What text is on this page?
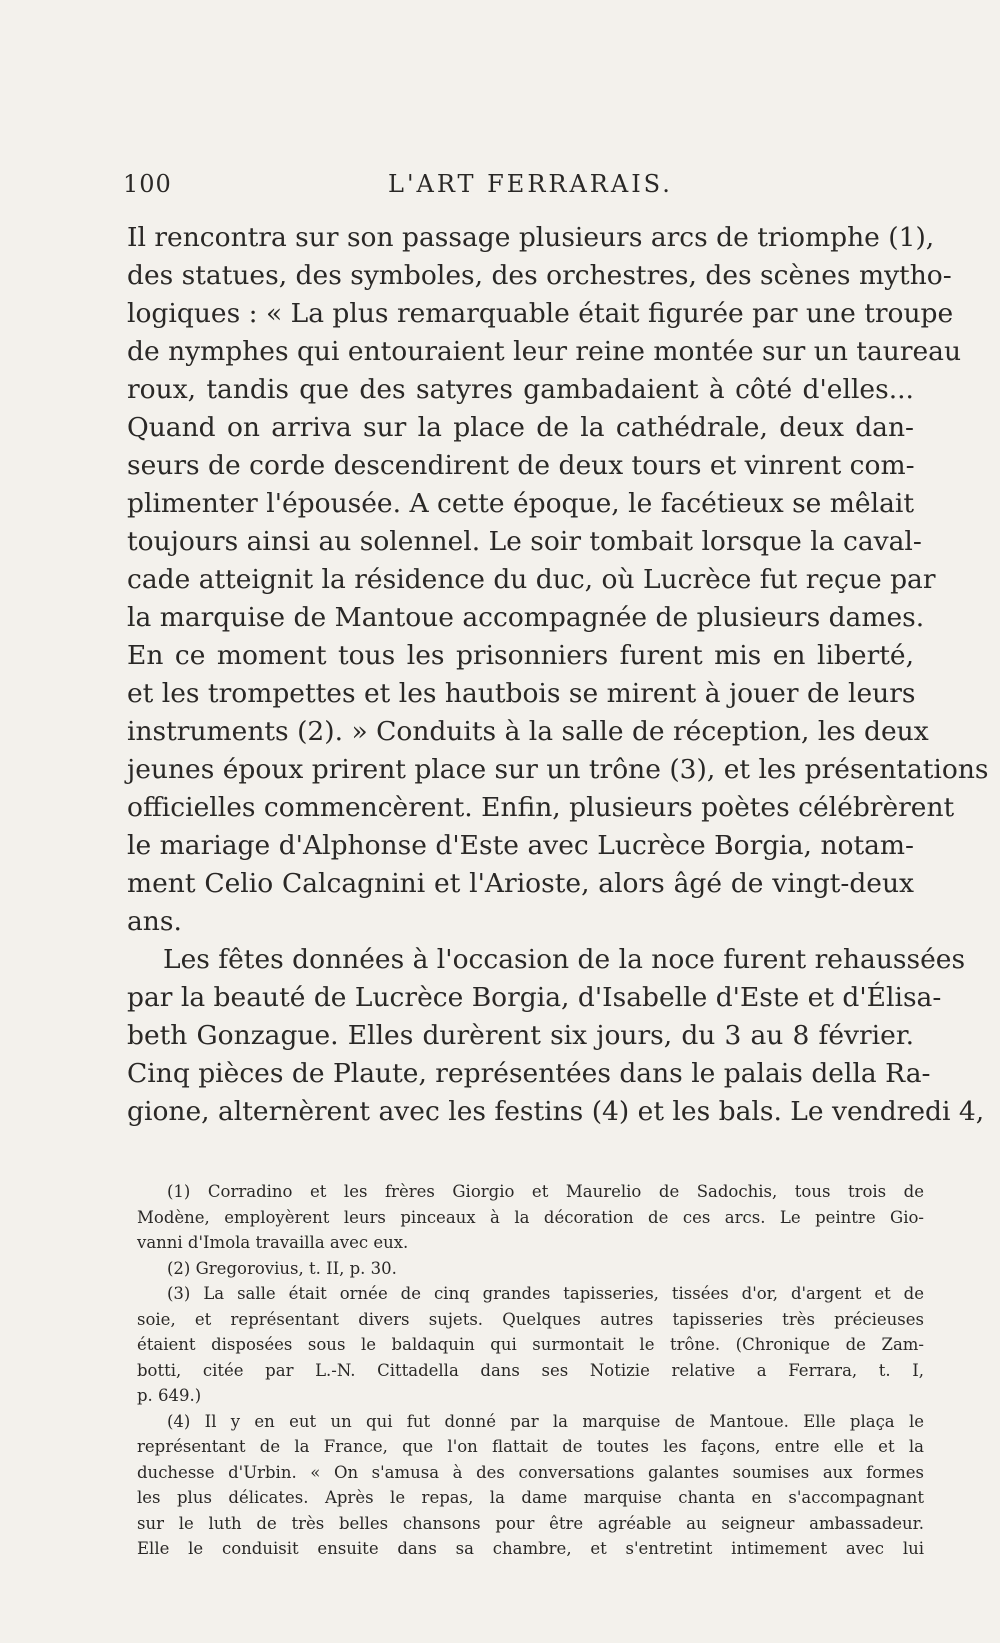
100	L'ART FERRARAIS.
Il rencontra sur son passage plusieurs arcs de triomphe (1),
des statues, des symboles, des orchestres, des scènes mytho-
logiques : « La plus remarquable était figurée par une troupe
de nymphes qui entouraient leur reine montée sur un taureau
roux, tandis que des satyres gambadaient à côté d'elles...
Quand on arriva sur la place de la cathédrale, deux dan-
seurs de corde descendirent de deux tours et vinrent com-
plimenter l'épousée. A cette époque, le facétieux se mêlait
toujours ainsi au solennel. Le soir tombait lorsque la caval-
cade atteignit la résidence du duc, où Lucrèce fut reçue par
la marquise de Mantoue accompagnée de plusieurs dames.
En ce moment tous les prisonniers furent mis en liberté,
et les trompettes et les hautbois se mirent à jouer de leurs
instruments (2). » Conduits à la salle de réception, les deux
jeunes époux prirent place sur un trône (3), et les présentations
officielles commencèrent. Enfin, plusieurs poètes célébrèrent
le mariage d'Alphonse d'Este avec Lucrèce Borgia, notam-
ment Celio Calcagnini et l'Arioste, alors âgé de vingt-deux
ans.
Les fêtes données à l'occasion de la noce furent rehaussées
par la beauté de Lucrèce Borgia, d'Isabelle d'Este et d'Élisa-
beth Gonzague. Elles durèrent six jours, du 3 au 8 février.
Cinq pièces de Plaute, représentées dans le palais della Ra-
gione, alternèrent avec les festins (4) et les bals. Le vendredi 4,
(1) Corradino et les frères Giorgio et Maurelio de Sadochis, tous trois de
Modène, employèrent leurs pinceaux à la décoration de ces arcs. Le peintre Gio-
vanni d'Imola travailla avec eux.
(2) Gregorovius, t. II, p. 30.
(3) La salle était ornée de cinq grandes tapisseries, tissées d'or, d'argent et de
soie, et représentant divers sujets. Quelques autres tapisseries très précieuses
étaient disposées sous le baldaquin qui surmontait le trône. (Chronique de Zam-
botti, citée par L.-N. Cittadella dans ses Notizie relative a Ferrara, t. I,
p. 649.)
(4) Il y en eut un qui fut donné par la marquise de Mantoue. Elle plaça le
représentant de la France, que l'on flattait de toutes les façons, entre elle et la
duchesse d'Urbin. « On s'amusa à des conversations galantes soumises aux formes
les plus délicates. Après le repas, la dame marquise chanta en s'accompagnant
sur le luth de très belles chansons pour être agréable au seigneur ambassadeur.
Elle le conduisit ensuite dans sa chambre, et s'entretint intimement avec lui
